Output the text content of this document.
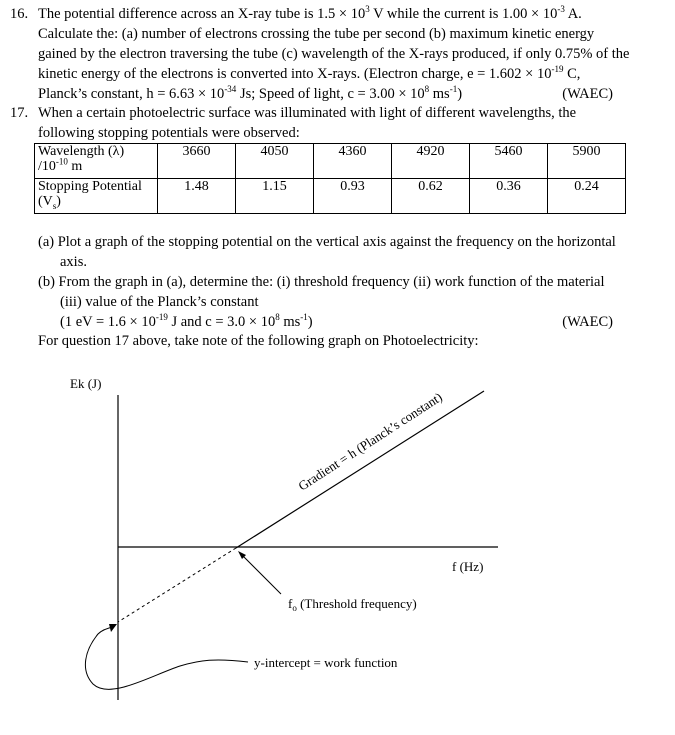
16. The potential difference across an X-ray tube is $1.5 \times 10^3$ V while the current is $1.00 \times 10^{-3}$ A.
Calculate the: (a) number of electrons crossing the tube per second (b) maximum kinetic energy
gained by the electron traversing the tube (c) wavelength of the X-rays produced, if only 0.75% of the
kinetic energy of the electrons is converted into X-rays. (Electron charge, $e = 1.602 \times 10^{-19}$ C,
Planck’s constant, $h = 6.63 \times 10^{-34}$ Js; Speed of light, $c = 3.00 \times 10^8$ $ms^{-1}$)	(WAEC)
17. When a certain photoelectric surface was illuminated with light of different wavelengths, the
following stopping potentials were observed:
Wavelength (λ)
$/10^{-10}$ m	3660	4050	4360	4920	5460	5900
Stopping Potential
$(V_s)$	1.48	1.15	0.93	0.62	0.36	0.24
(a) Plot a graph of the stopping potential on the vertical axis against the frequency on the horizontal
axis.
(b) From the graph in (a), determine the: (i) threshold frequency (ii) work function of the material
(iii) value of the Planck’s constant
(1 eV = $1.6 \times 10^{-19}$ J and $c = 3.0 \times 10^8$ $ms^{-1}$)	(WAEC)
For question 17 above, take note of the following graph on Photoelectricity:
Ek (J)
f (Hz)
Gradient = h (Planck’s constant)
$f_o$ (Threshold frequency)
y-intercept = work function
